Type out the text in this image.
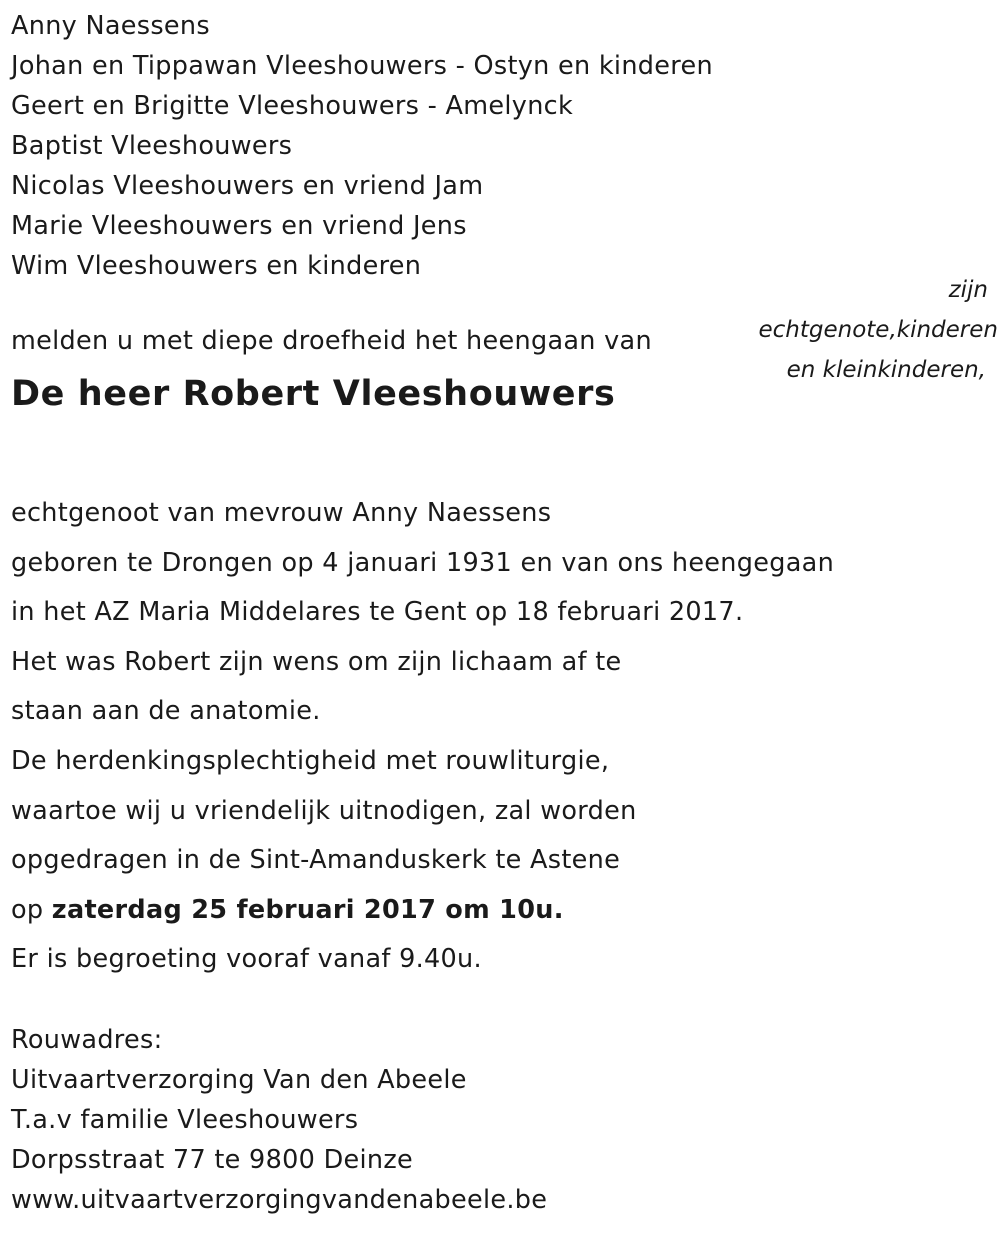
Anny Naessens
Johan en Tippawan Vleeshouwers - Ostyn en kinderen
Geert en Brigitte Vleeshouwers - Amelynck
Baptist Vleeshouwers
Nicolas Vleeshouwers en vriend Jam
Marie Vleeshouwers en vriend Jens
Wim Vleeshouwers en kinderen
zijn
echtgenote,kinderen
en kleinkinderen,
melden u met diepe droefheid het heengaan van
De heer Robert Vleeshouwers
echtgenoot van mevrouw Anny Naessens
geboren te Drongen op 4 januari 1931 en van ons heengegaan
in het AZ Maria Middelares te Gent op 18 februari 2017.
Het was Robert zijn wens om zijn lichaam af te
staan aan de anatomie.
De herdenkingsplechtigheid met rouwliturgie,
waartoe wij u vriendelijk uitnodigen, zal worden
opgedragen in de Sint-Amanduskerk te Astene
op zaterdag 25 februari 2017 om 10u.
Er is begroeting vooraf vanaf 9.40u.
Rouwadres:
Uitvaartverzorging Van den Abeele
T.a.v familie Vleeshouwers
Dorpsstraat 77 te 9800 Deinze
www.uitvaartverzorgingvandenabeele.be
